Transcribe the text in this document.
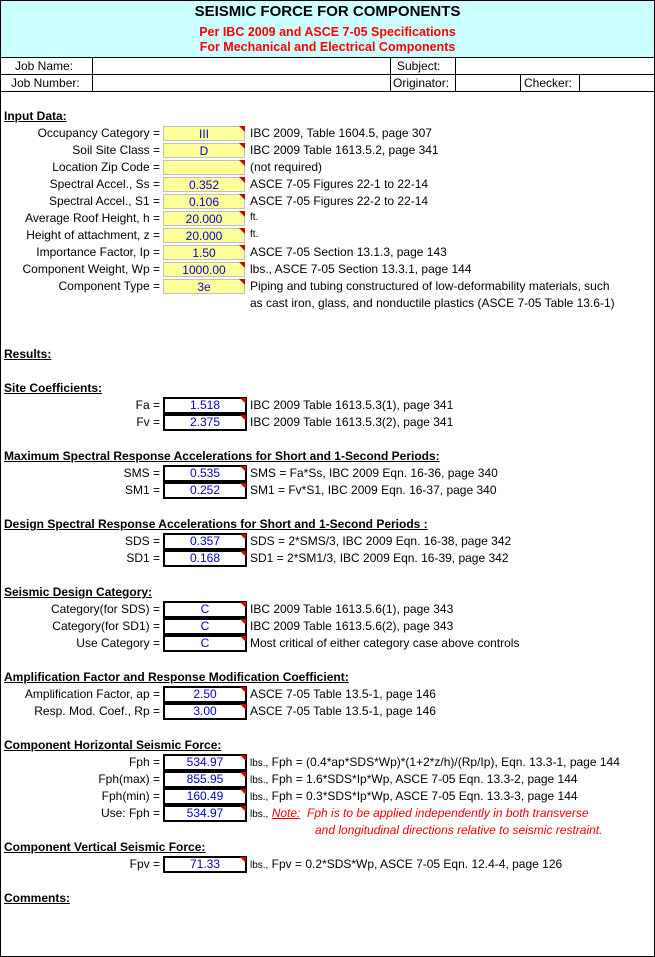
SEISMIC FORCE FOR COMPONENTS
Per IBC 2009 and ASCE 7-05 Specifications
For Mechanical and Electrical Components
Job Name:	Subject:
Job Number:	Originator:	Checker:
Input Data:
Occupancy Category =	III	IBC 2009, Table 1604.5, page 307
Soil Site Class =	D	IBC 2009 Table 1613.5.2, page 341
Location Zip Code =	(not required)
Spectral Accel., Ss =	0.352	ASCE 7-05 Figures 22-1 to 22-14
Spectral Accel., S1 =	0.106	ASCE 7-05 Figures 22-2 to 22-14
Average Roof Height, h =	20.000	ft.
Height of attachment, z =	20.000	ft.
Importance Factor, Ip =	1.50	ASCE 7-05 Section 13.1.3, page 143
Component Weight, Wp =	1000.00	lbs., ASCE 7-05 Section 13.3.1, page 144
Component Type =	3e	Piping and tubing constructured of low-deformability materials, such
as cast iron, glass, and nonductile plastics (ASCE 7-05 Table 13.6-1)
Results:
Site Coefficients:
Fa =	1.518	IBC 2009 Table 1613.5.3(1), page 341
Fv =	2.375	IBC 2009 Table 1613.5.3(2), page 341
Maximum Spectral Response Accelerations for Short and 1-Second Periods:
SMS =	0.535	SMS = Fa*Ss, IBC 2009 Eqn. 16-36, page 340
SM1 =	0.252	SM1 = Fv*S1, IBC 2009 Eqn. 16-37, page 340
Design Spectral Response Accelerations for Short and 1-Second Periods :
SDS =	0.357	SDS = 2*SMS/3, IBC 2009 Eqn. 16-38, page 342
SD1 =	0.168	SD1 = 2*SM1/3, IBC 2009 Eqn. 16-39, page 342
Seismic Design Category:
Category(for SDS) =	C	IBC 2009 Table 1613.5.6(1), page 343
Category(for SD1) =	C	IBC 2009 Table 1613.5.6(2), page 343
Use Category =	C	Most critical of either category case above controls
Amplification Factor and Response Modification Coefficient:
Amplification Factor, ap =	2.50	ASCE 7-05 Table 13.5-1, page 146
Resp. Mod. Coef., Rp =	3.00	ASCE 7-05 Table 13.5-1, page 146
Component Horizontal Seismic Force:
Fph =	534.97	lbs., Fph = (0.4*ap*SDS*Wp)*(1+2*z/h)/(Rp/Ip), Eqn. 13.3-1, page 144
Fph(max) =	855.95	lbs., Fph = 1.6*SDS*Ip*Wp, ASCE 7-05 Eqn. 13.3-2, page 144
Fph(min) =	160.49	lbs., Fph = 0.3*SDS*Ip*Wp, ASCE 7-05 Eqn. 13.3-3, page 144
Use: Fph =	534.97	lbs., Note: Fph is to be applied independently in both transverse
and longitudinal directions relative to seismic restraint.
Component Vertical Seismic Force:
Fpv =	71.33	lbs., Fpv = 0.2*SDS*Wp, ASCE 7-05 Eqn. 12.4-4, page 126
Comments:
